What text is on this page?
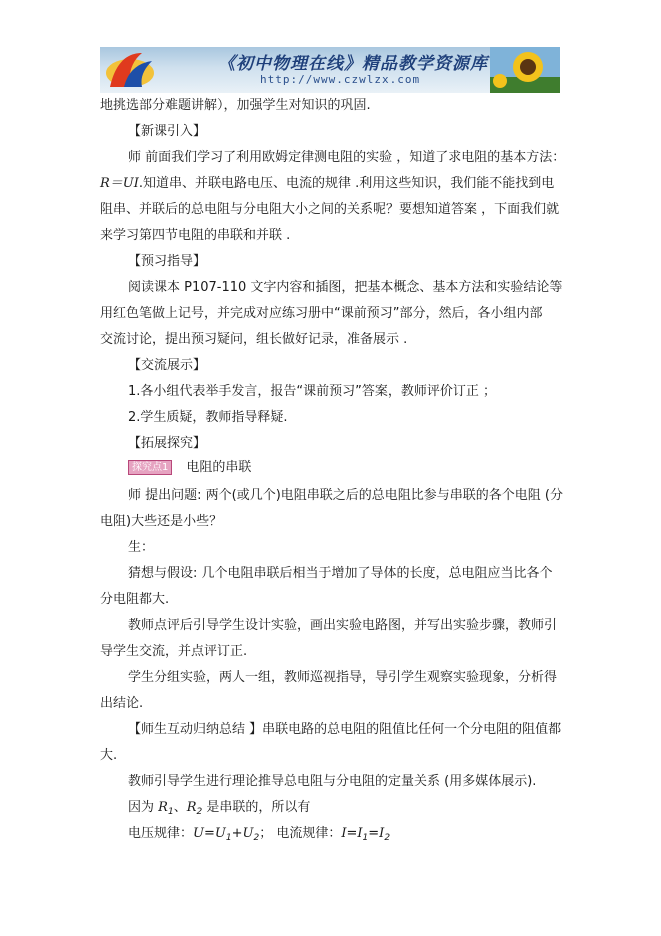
《初中物理在线》精品教学资源库
http://www.czwlzx.com
地挑选部分难题讲解），加强学生对知识的巩固.
【新课引入】
师 前面我们学习了利用欧姆定律测电阻的实验 ，知道了求电阻的基本方法：
R＝UI.知道串、并联电路电压、电流的规律 .利用这些知识，我们能不能找到电
阻串、并联后的总电阻与分电阻大小之间的关系呢？要想知道答案 ，下面我们就
来学习第四节电阻的串联和并联 .
【预习指导】
阅读课本 P107-110 文字内容和插图，把基本概念、基本方法和实验结论等
用红色笔做上记号，并完成对应练习册中“课前预习”部分，然后，各小组内部
交流讨论，提出预习疑问，组长做好记录，准备展示 .
【交流展示】
1.各小组代表举手发言，报告“课前预习”答案，教师评价订正 ；
2.学生质疑，教师指导释疑.
【拓展探究】
探究点1 电阻的串联
师 提出问题: 两个(或几个)电阻串联之后的总电阻比参与串联的各个电阻 (分
电阻)大些还是小些？
生：
猜想与假设: 几个电阻串联后相当于增加了导体的长度，总电阻应当比各个
分电阻都大.
教师点评后引导学生设计实验，画出实验电路图，并写出实验步骤，教师引
导学生交流，并点评订正.
学生分组实验，两人一组，教师巡视指导，导引学生观察实验现象，分析得
出结论.
【师生互动归纳总结 】串联电路的总电阻的阻值比任何一个分电阻的阻值都
大.
教师引导学生进行理论推导总电阻与分电阻的定量关系 (用多媒体展示).
因为 $R_1$、$R_2$ 是串联的，所以有
电压规律：$U=U_1+U_2$； 电流规律：$I=I_1=I_2$
